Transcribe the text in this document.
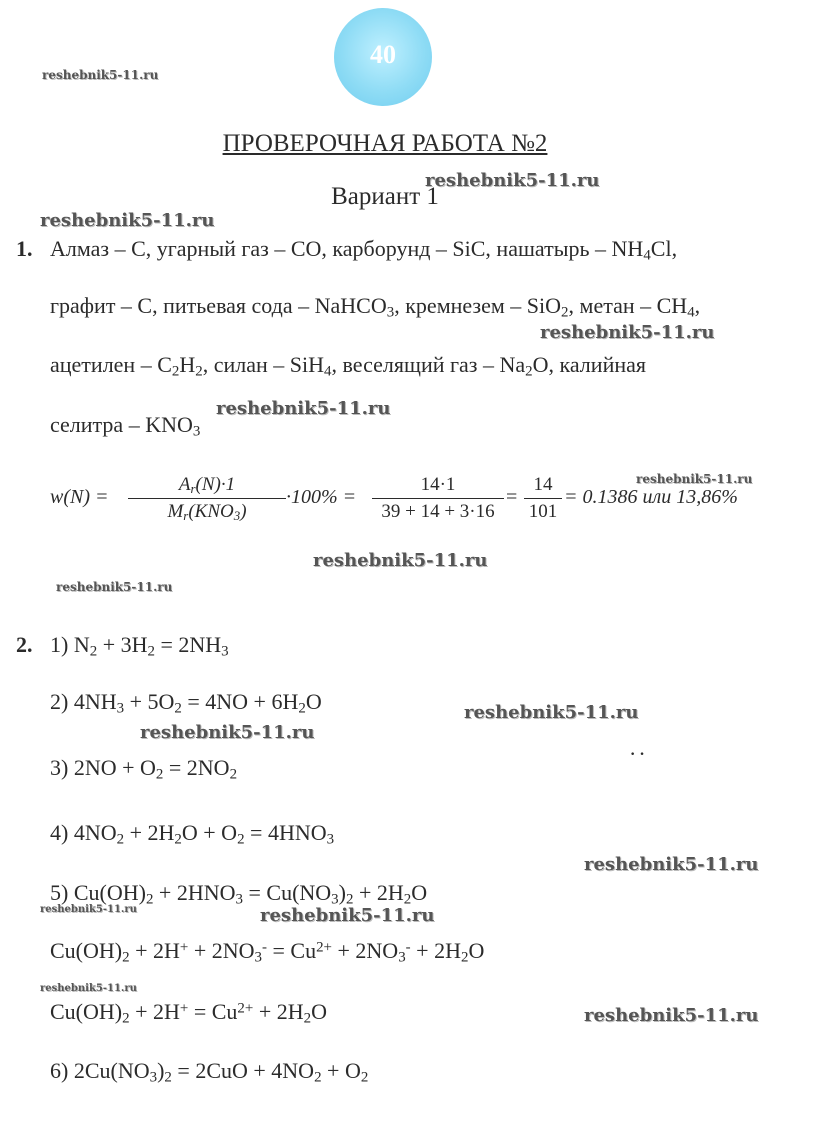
40
ПРОВЕРОЧНАЯ РАБОТА №2
Вариант 1
1. Алмаз – C, угарный газ – CO, карборунд – SiC, нашатырь – $NH_4Cl$,
графит – C, питьевая сода – NaHCO$_3$, кремнезем – SiO$_2$, метан – $CH_4$,
ацетилен – $C_2H_2$, силан – SiH$_4$, веселящий газ – $Na_2O$, калийная
селитра – $KNO_3$
w(N) =
$A_r(N)\cdot 1$
$M_r(KNO_3)$
·100% =
14·1
39 + 14 + 3·16
=
14
101
= 0.1386 или 13,86%
2. 1) $N_2 + 3H_2 = 2NH_3$
2) $4NH_3 + 5O_2 = 4NO + 6H_2O$
3) $2NO + O_2 = 2NO_2$
4) $4NO_2 + 2H_2O + O_2 = 4HNO_3$
5) $Cu(OH)_2 + 2HNO_3 = Cu(NO_3)_2 + 2H_2O$
$Cu(OH)_2 + 2H^+ + 2NO_3^- = Cu^{2+} + 2NO_3^- + 2H_2O$
$Cu(OH)_2 + 2H^+ = Cu^{2+} + 2H_2O$
6) $2Cu(NO_3)_2 = 2CuO + 4NO_2 + O_2$
· ·
reshebnik5-11.ru
reshebnik5-11.ru
reshebnik5-11.ru
reshebnik5-11.ru
reshebnik5-11.ru
reshebnik5-11.ru
reshebnik5-11.ru
reshebnik5-11.ru
reshebnik5-11.ru
reshebnik5-11.ru
reshebnik5-11.ru
reshebnik5-11.ru	reshebnik5-11.ru
reshebnik5-11.ru
reshebnik5-11.ru
